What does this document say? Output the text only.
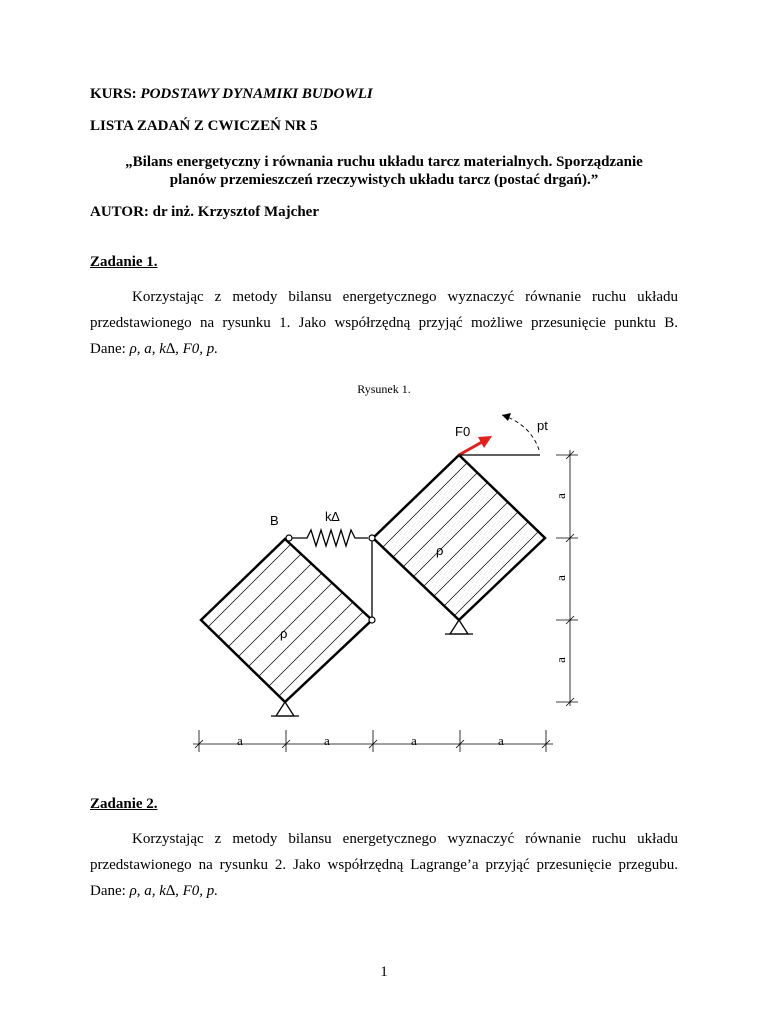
KURS: PODSTAWY DYNAMIKI BUDOWLI
LISTA ZADAŃ Z CWICZEŃ NR 5
„Bilans energetyczny i równania ruchu układu tarcz materialnych. Sporządzanie
planów przemieszczeń rzeczywistych układu tarcz (postać drgań).”
AUTOR: dr inż. Krzysztof Majcher
Zadanie 1.
Korzystając z metody bilansu energetycznego wyznaczyć równanie ruchu układu
przedstawionego na rysunku 1. Jako współrzędną przyjąć możliwe przesunięcie punktu B.
Dane: ρ, a, k∆, F0, p.
Rysunek 1.
F0	pt
B	k∆
ρ
ρ
a	a	a	a
a
a
a
Zadanie 2.
Korzystając z metody bilansu energetycznego wyznaczyć równanie ruchu układu
przedstawionego na rysunku 2. Jako współrzędną Lagrange’a przyjąć przesunięcie przegubu.
Dane: ρ, a, k∆, F0, p.
1
